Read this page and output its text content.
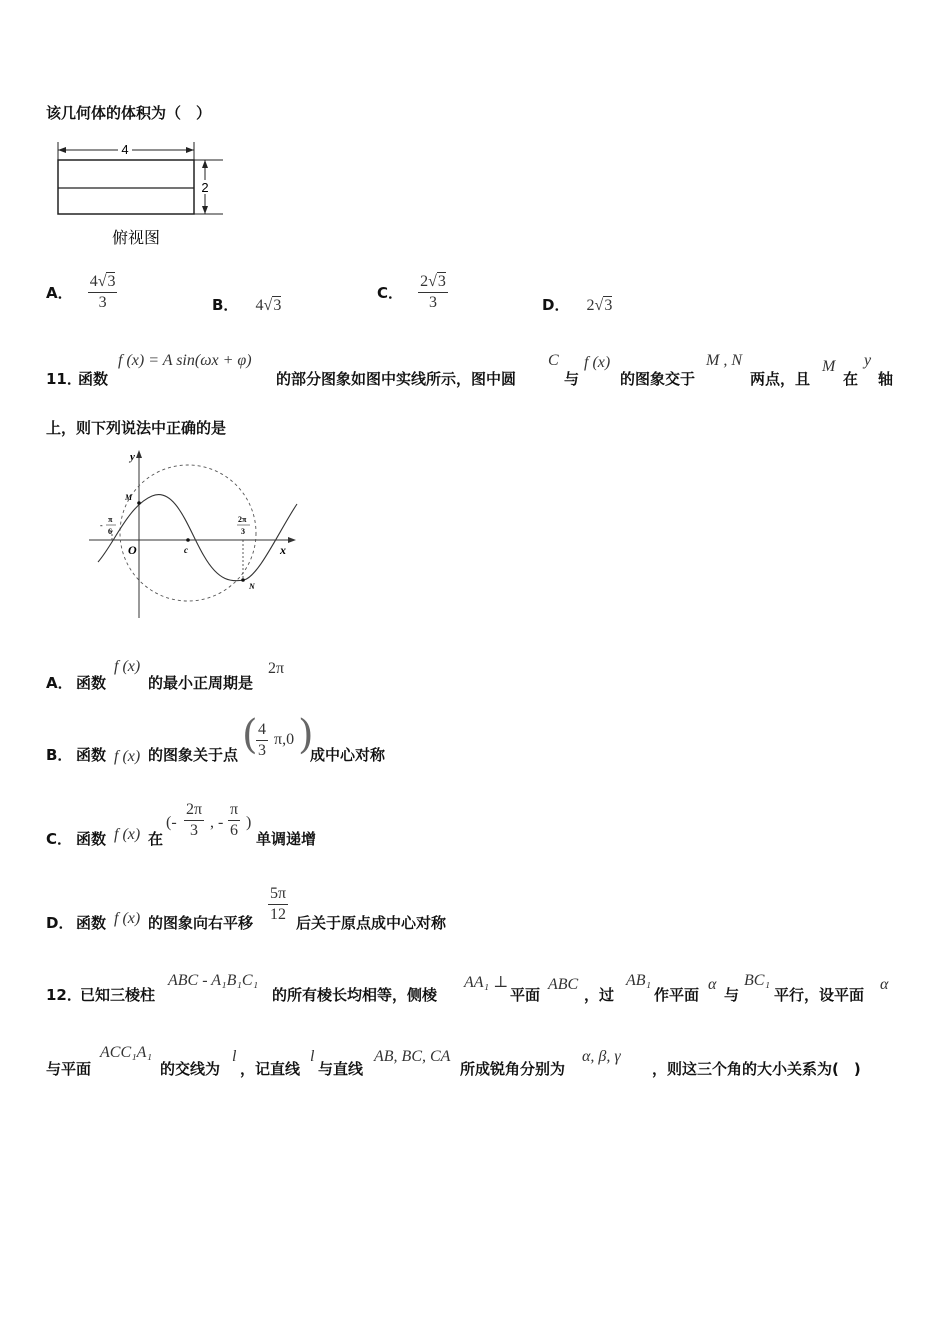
该几何体的体积为（　）
4
2
俯视图
A． $\frac{4√3}{3}$	B． 4√3
C． $\frac{2√3}{3}$	D． 2√3
11．
函数
f (x) = A sin(ωx + φ)
的部分图象如图中实线所示，图中圆
C
与
f (x)
的图象交于
M , N
两点，且
M
在
y
轴
上，则下列说法中正确的是
y
x
O
M
N
c
-
π
6
2π
3
A． 函数
f (x)
的最小正周期是
2π
B． 函数 f (x) 的图象关于点 (
$\frac{4}{3} \pi,0$ )
成中心对称
C． 函数 f (x) 在
(- $\frac{2\pi}{3}$ , - $\frac{\pi}{6}$ )
单调递增
D． 函数 f (x) 的图象向右平移 $\frac{5\pi}{12}$ 后关于原点成中心对称
12．
已知三棱柱
ABC - A₁B₁C₁
的所有棱长均相等，侧棱
AA₁ ⊥
平面
ABC
，过
AB₁
作平面
α
与
BC₁
平行，设平面
α
与平面
ACC₁A₁
的交线为
l
，记直线
l
与直线
AB, BC, CA
所成锐角分别为
α, β, γ
，则这三个角的大小关系为(　)
